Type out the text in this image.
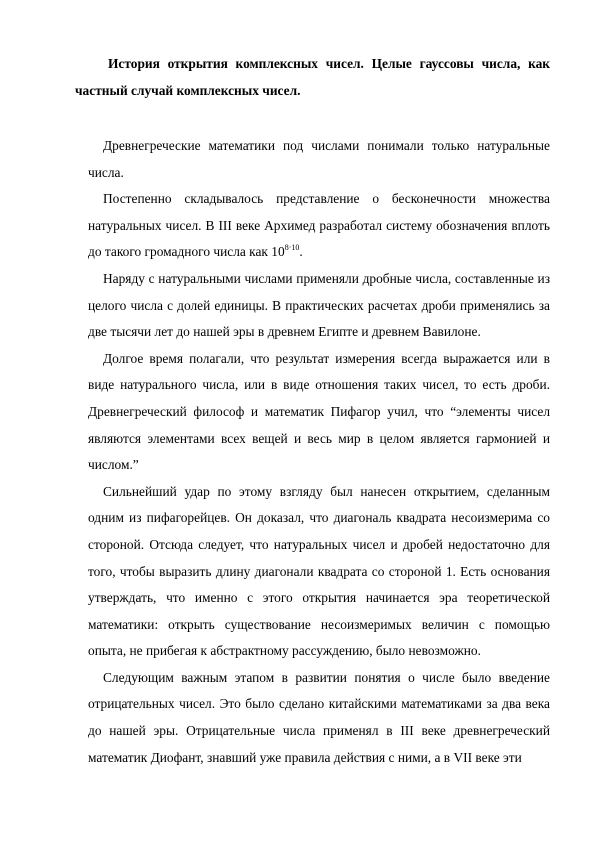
История открытия комплексных чисел. Целые гауссовы числа, как частный случай комплексных чисел.

Древнегреческие математики под числами понимали только натуральные числа.

Постепенно складывалось представление о бесконечности множества натуральных чисел. В III веке Архимед разработал систему обозначения вплоть до такого громадного числа как $10^{8\cdot 10}$.

Наряду с натуральными числами применяли дробные числа, составленные из целого числа с долей единицы. В практических расчетах дроби применялись за две тысячи лет до нашей эры в древнем Египте и древнем Вавилоне.

Долгое время полагали, что результат измерения всегда выражается или в виде натурального числа, или в виде отношения таких чисел, то есть дроби. Древнегреческий философ и математик Пифагор учил, что “элементы чисел являются элементами всех вещей и весь мир в целом является гармонией и числом.”

Сильнейший удар по этому взгляду был нанесен открытием, сделанным одним из пифагорейцев. Он доказал, что диагональ квадрата несоизмерима со стороной. Отсюда следует, что натуральных чисел и дробей недостаточно для того, чтобы выразить длину диагонали квадрата со стороной 1. Есть основания утверждать, что именно с этого открытия начинается эра теоретической математики: открыть существование несоизмеримых величин с помощью опыта, не прибегая к абстрактному рассуждению, было невозможно.

Следующим важным этапом в развитии понятия о числе было введение отрицательных чисел. Это было сделано китайскими математиками за два века до нашей эры. Отрицательные числа применял в III веке древнегреческий математик Диофант, знавший уже правила действия с ними, а в VII веке эти
